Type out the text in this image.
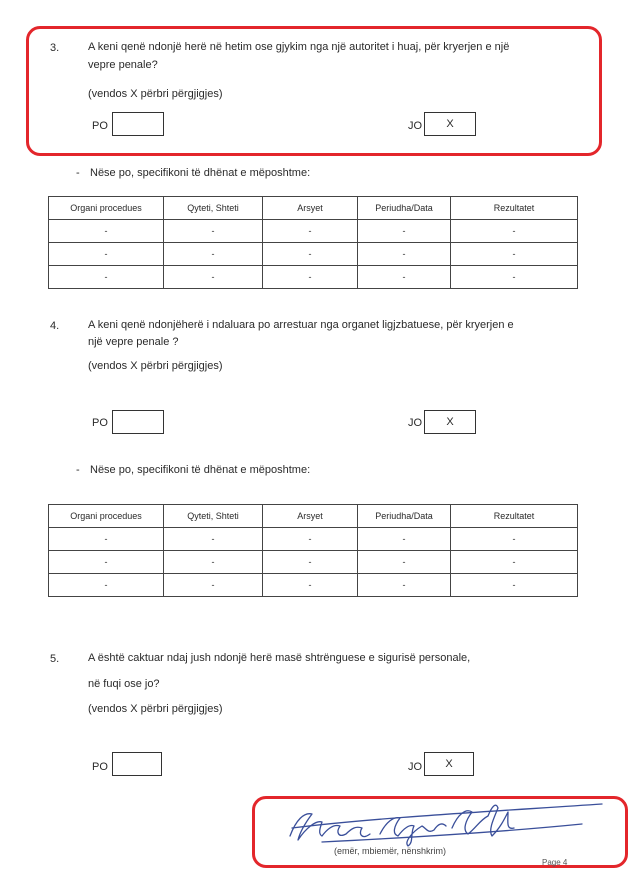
3.	A keni qenë ndonjë herë në hetim ose gjykim nga një autoritet i huaj, për kryerjen e një
vepre penale?
(vendos X përbri përgjigjes)
PO	JO	X
- Nëse po, specifikoni të dhënat e mëposhtme:
Organi procedues	Qyteti, Shteti	Arsyet	Periudha/Data	Rezultatet
-	-	-	-	-
-	-	-	-	-
-	-	-	-	-
4.	A keni qenë ndonjëherë i ndaluara po arrestuar nga organet ligjzbatuese, për kryerjen e
një vepre penale ?
(vendos X përbri përgjigjes)
PO	JO	X
- Nëse po, specifikoni të dhënat e mëposhtme:
Organi procedues	Qyteti, Shteti	Arsyet	Periudha/Data	Rezultatet
-	-	-	-	-
-	-	-	-	-
-	-	-	-	-
5.	A është caktuar ndaj jush ndonjë herë masë shtrënguese e sigurisë personale,
në fuqi ose jo?
(vendos X përbri përgjigjes)
PO	JO	X
(emër, mbiemër, nënshkrim)
Page 4
